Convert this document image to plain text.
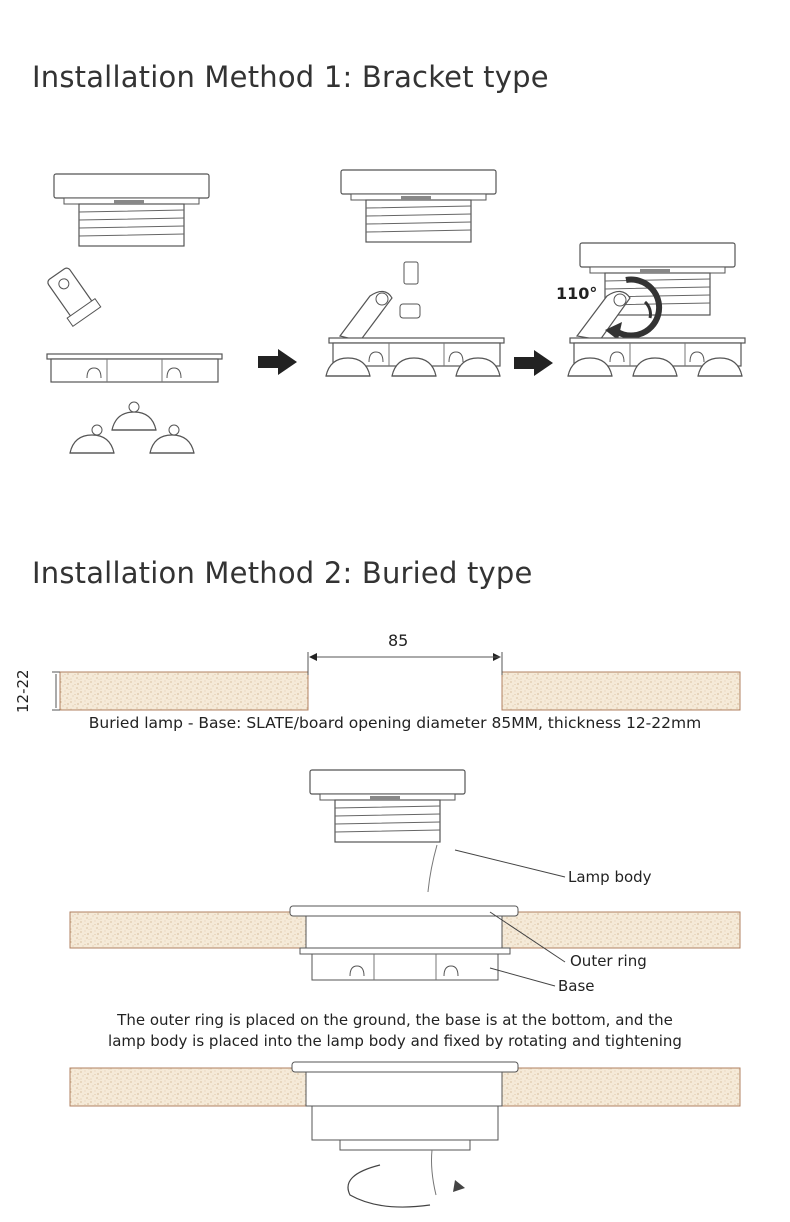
Installation Method 1: Bracket type
Installation Method 2: Buried type
110°
85
12-22
Buried lamp - Base: SLATE/board opening diameter 85MM, thickness 12-22mm
Lamp body
Outer ring
Base
The outer ring is placed on the ground, the base is at the bottom, and the
lamp body is placed into the lamp body and fixed by rotating and tightening
